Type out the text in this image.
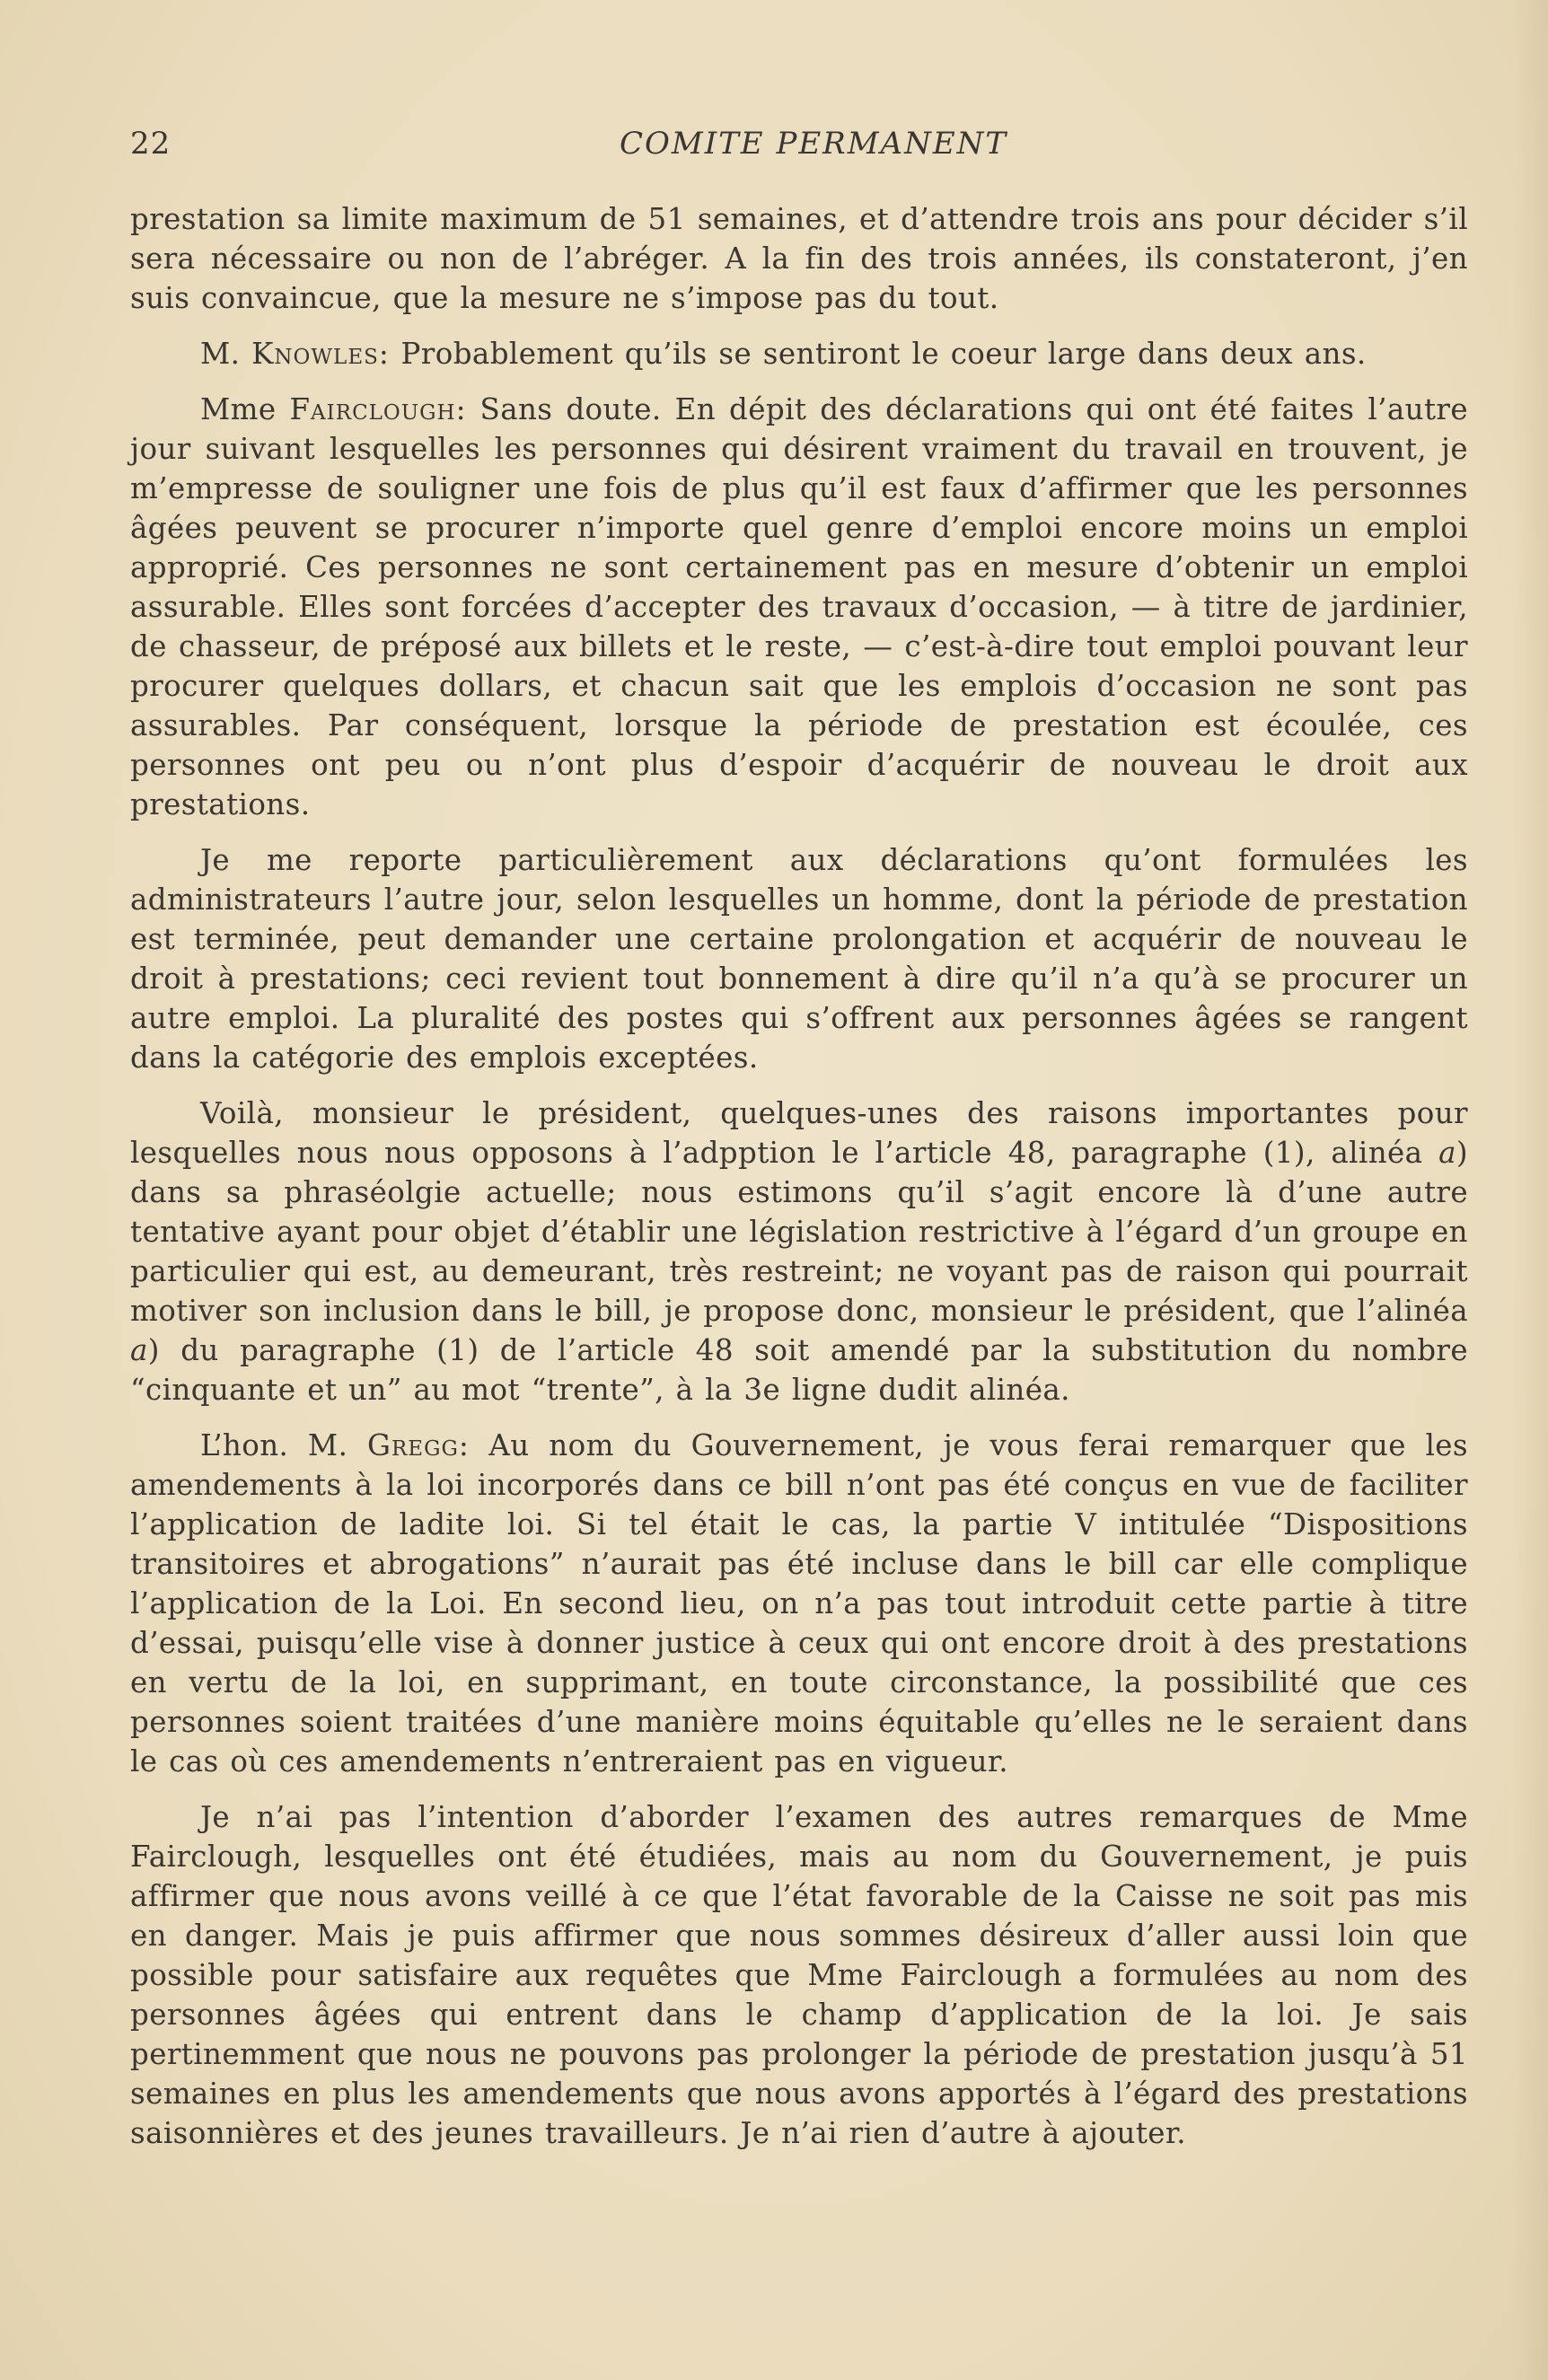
22	COMITE PERMANENT

prestation sa limite maximum de 51 semaines, et d’attendre trois ans pour décider s’il sera nécessaire ou non de l’abréger. A la fin des trois années, ils constateront, j’en suis convaincue, que la mesure ne s’impose pas du tout.

M. Knowles: Probablement qu’ils se sentiront le coeur large dans deux ans.

Mme Fairclough: Sans doute. En dépit des déclarations qui ont été faites l’autre jour suivant lesquelles les personnes qui désirent vraiment du travail en trouvent, je m’empresse de souligner une fois de plus qu’il est faux d’affirmer que les personnes âgées peuvent se procurer n’importe quel genre d’emploi encore moins un emploi approprié. Ces personnes ne sont certainement pas en mesure d’obtenir un emploi assurable. Elles sont forcées d’accepter des travaux d’occasion, — à titre de jardinier, de chasseur, de préposé aux billets et le reste, — c’est-à-dire tout emploi pouvant leur procurer quelques dollars, et chacun sait que les emplois d’occasion ne sont pas assurables. Par conséquent, lorsque la période de prestation est écoulée, ces personnes ont peu ou n’ont plus d’espoir d’acquérir de nouveau le droit aux prestations.

Je me reporte particulièrement aux déclarations qu’ont formulées les administrateurs l’autre jour, selon lesquelles un homme, dont la période de prestation est terminée, peut demander une certaine prolongation et acquérir de nouveau le droit à prestations; ceci revient tout bonnement à dire qu’il n’a qu’à se procurer un autre emploi. La pluralité des postes qui s’offrent aux personnes âgées se rangent dans la catégorie des emplois exceptées.

Voilà, monsieur le président, quelques-unes des raisons importantes pour lesquelles nous nous opposons à l’adpption le l’article 48, paragraphe (1), alinéa a) dans sa phraséolgie actuelle; nous estimons qu’il s’agit encore là d’une autre tentative ayant pour objet d’établir une législation restrictive à l’égard d’un groupe en particulier qui est, au demeurant, très restreint; ne voyant pas de raison qui pourrait motiver son inclusion dans le bill, je propose donc, monsieur le président, que l’alinéa a) du paragraphe (1) de l’article 48 soit amendé par la substitution du nombre “cinquante et un” au mot “trente”, à la 3e ligne dudit alinéa.

L’hon. M. Gregg: Au nom du Gouvernement, je vous ferai remarquer que les amendements à la loi incorporés dans ce bill n’ont pas été conçus en vue de faciliter l’application de ladite loi. Si tel était le cas, la partie V intitulée “Dispositions transitoires et abrogations” n’aurait pas été incluse dans le bill car elle complique l’application de la Loi. En second lieu, on n’a pas tout introduit cette partie à titre d’essai, puisqu’elle vise à donner justice à ceux qui ont encore droit à des prestations en vertu de la loi, en supprimant, en toute circonstance, la possibilité que ces personnes soient traitées d’une manière moins équitable qu’elles ne le seraient dans le cas où ces amendements n’entreraient pas en vigueur.

Je n’ai pas l’intention d’aborder l’examen des autres remarques de Mme Fairclough, lesquelles ont été étudiées, mais au nom du Gouvernement, je puis affirmer que nous avons veillé à ce que l’état favorable de la Caisse ne soit pas mis en danger. Mais je puis affirmer que nous sommes désireux d’aller aussi loin que possible pour satisfaire aux requêtes que Mme Fairclough a formulées au nom des personnes âgées qui entrent dans le champ d’application de la loi. Je sais pertinemment que nous ne pouvons pas prolonger la période de prestation jusqu’à 51 semaines en plus les amendements que nous avons apportés à l’égard des prestations saisonnières et des jeunes travailleurs. Je n’ai rien d’autre à ajouter.
